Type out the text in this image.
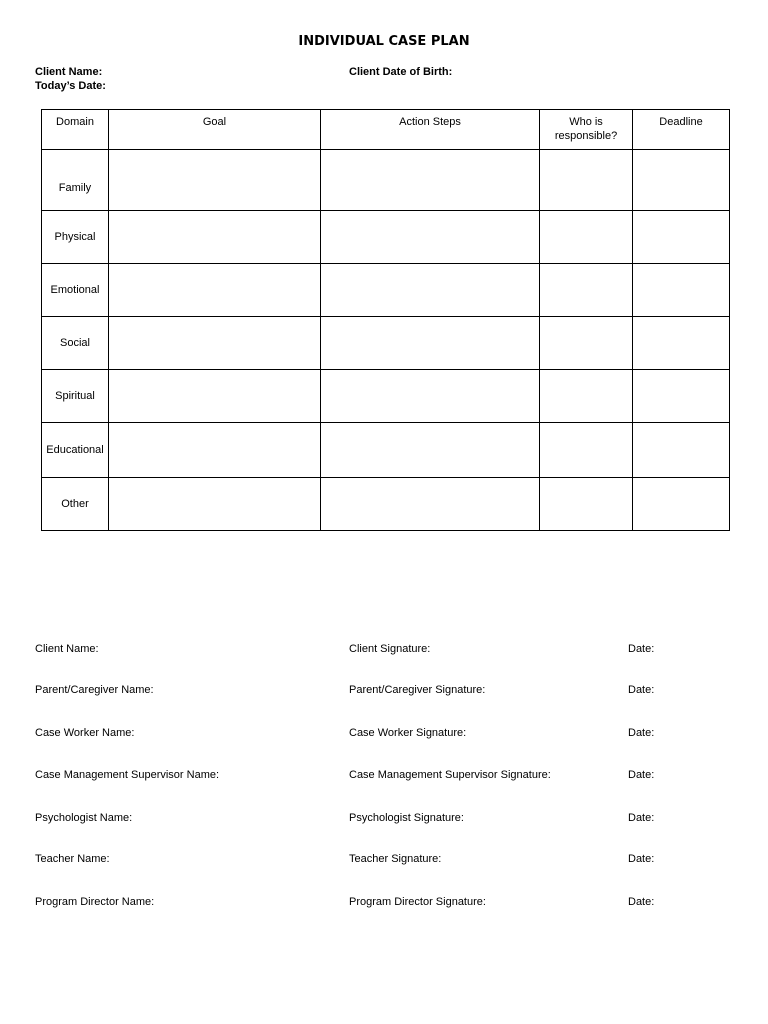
INDIVIDUAL CASE PLAN
Client Name:
Today’s Date:
Client Date of Birth:
Domain	Goal	Action Steps	Who is responsible?	Deadline
Family				
Physical				
Emotional				
Social				
Spiritual				
Educational				
Other				
Client Name:	Client Signature:	Date:
Parent/Caregiver Name:	Parent/Caregiver Signature:	Date:
Case Worker Name:	Case Worker Signature:	Date:
Case Management Supervisor Name:	Case Management Supervisor Signature:	Date:
Psychologist Name:	Psychologist Signature:	Date:
Teacher Name:	Teacher Signature:	Date:
Program Director Name:	Program Director Signature:	Date:
